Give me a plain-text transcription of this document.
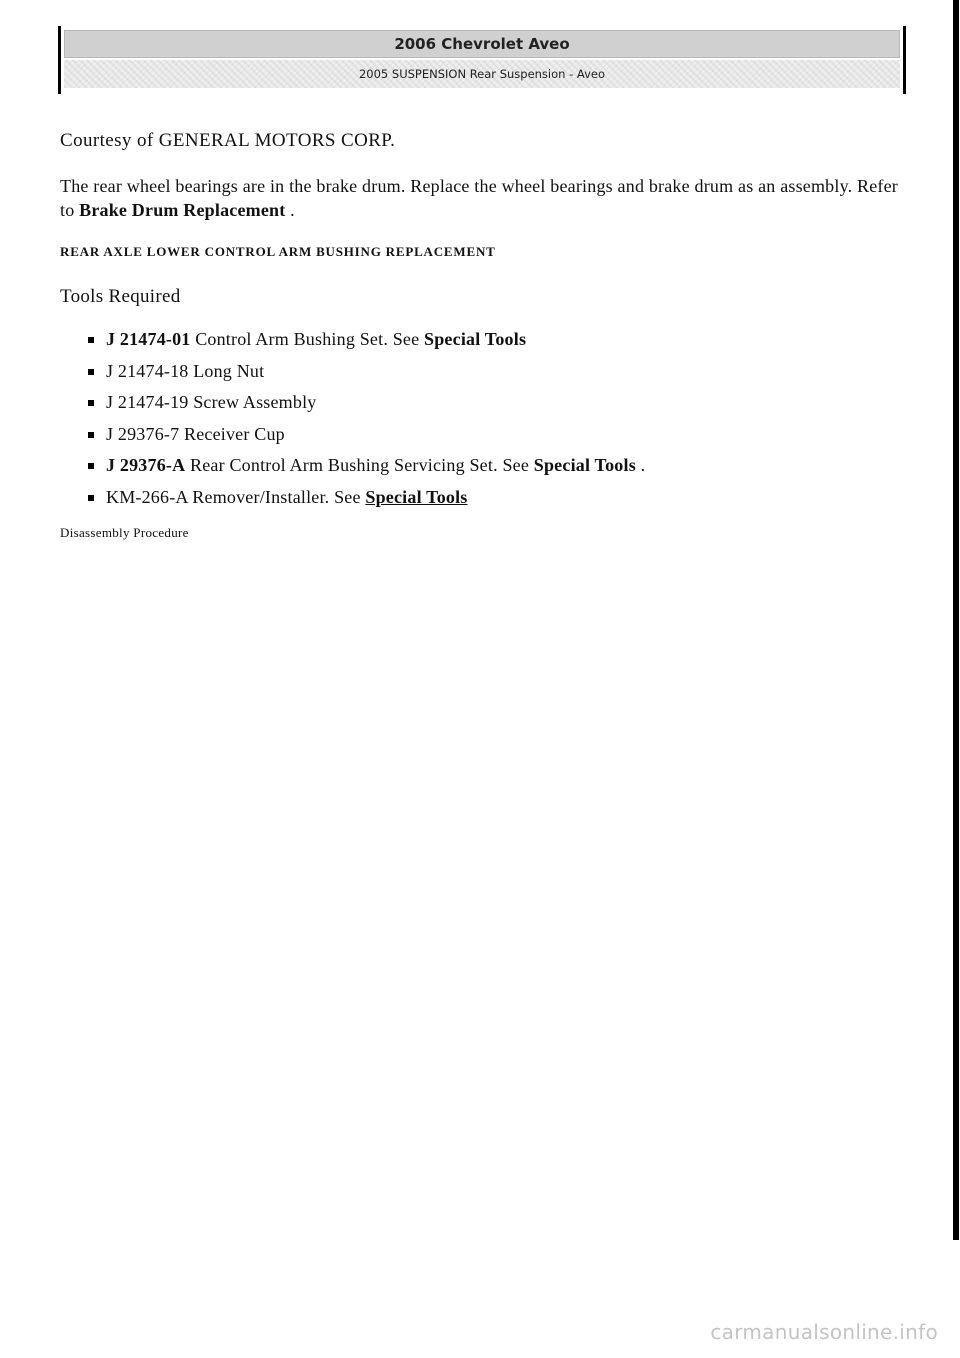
2006 Chevrolet Aveo
2005 SUSPENSION Rear Suspension - Aveo
Courtesy of GENERAL MOTORS CORP.
The rear wheel bearings are in the brake drum. Replace the wheel bearings and brake drum as an assembly. Refer to Brake Drum Replacement .
REAR AXLE LOWER CONTROL ARM BUSHING REPLACEMENT
Tools Required
J 21474-01 Control Arm Bushing Set. See Special Tools
J 21474-18 Long Nut
J 21474-19 Screw Assembly
J 29376-7 Receiver Cup
J 29376-A Rear Control Arm Bushing Servicing Set. See Special Tools .
KM-266-A Remover/Installer. See Special Tools
Disassembly Procedure
carmanualsonline.info
